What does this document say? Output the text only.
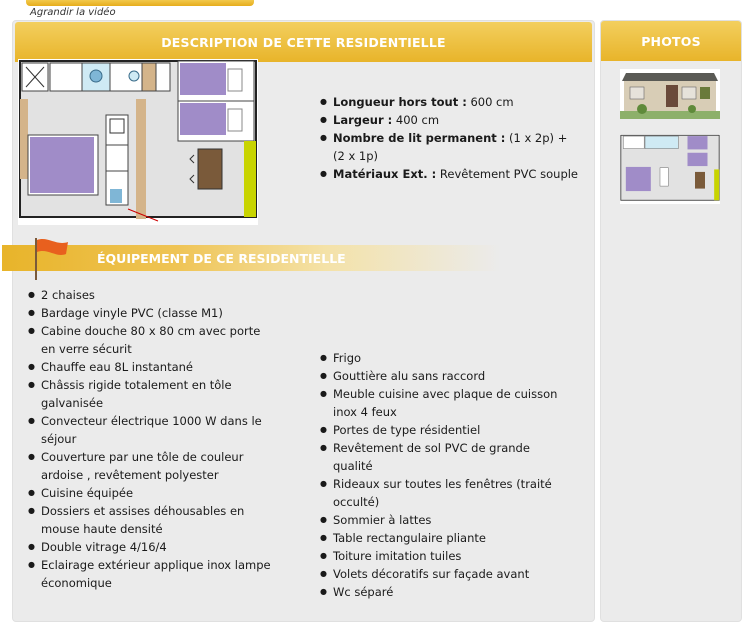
Agrandir la vidéo
DESCRIPTION DE CETTE RESIDENTIELLE	PHOTOS
● Longueur hors tout : 600 cm
● Largeur : 400 cm
● Nombre de lit permanent : (1 x 2p) + (2 x 1p)
● Matériaux Ext. : Revêtement PVC souple
ÉQUIPEMENT DE CE RESIDENTIELLE
● 2 chaises
● Bardage vinyle PVC (classe M1)
● Cabine douche 80 x 80 cm avec porte en verre sécurit
● Chauffe eau 8L instantané
● Châssis rigide totalement en tôle galvanisée
● Convecteur électrique 1000 W dans le séjour
● Couverture par une tôle de couleur ardoise , revêtement polyester
● Cuisine équipée
● Dossiers et assises déhousables en mouse haute densité
● Double vitrage 4/16/4
● Eclairage extérieur applique inox lampe économique
● Frigo
● Gouttière alu sans raccord
● Meuble cuisine avec plaque de cuisson inox 4 feux
● Portes de type résidentiel
● Revêtement de sol PVC de grande qualité
● Rideaux sur toutes les fenêtres (traité occulté)
● Sommier à lattes
● Table rectangulaire pliante
● Toiture imitation tuiles
● Volets décoratifs sur façade avant
● Wc séparé
